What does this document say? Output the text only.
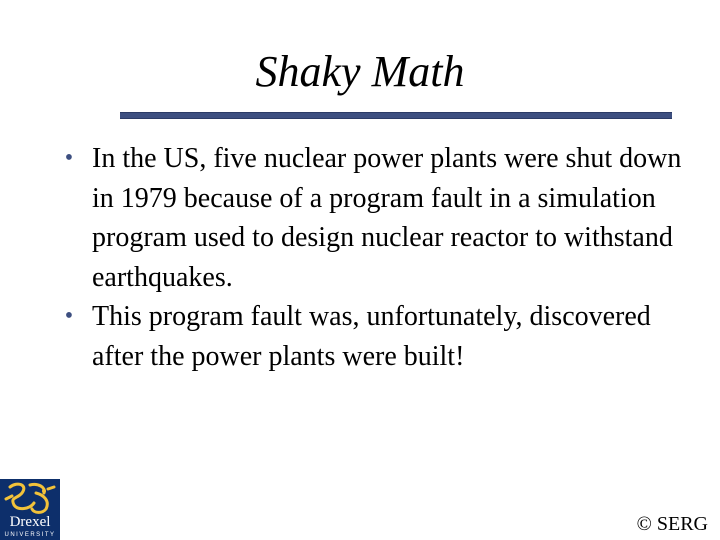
Shaky Math
• In the US, five nuclear power plants were shut down in 1979 because of a program fault in a simulation program used to design nuclear reactor to withstand earthquakes.
• This program fault was, unfortunately, discovered after the power plants were built!
Drexel
UNIVERSITY	© SERG
